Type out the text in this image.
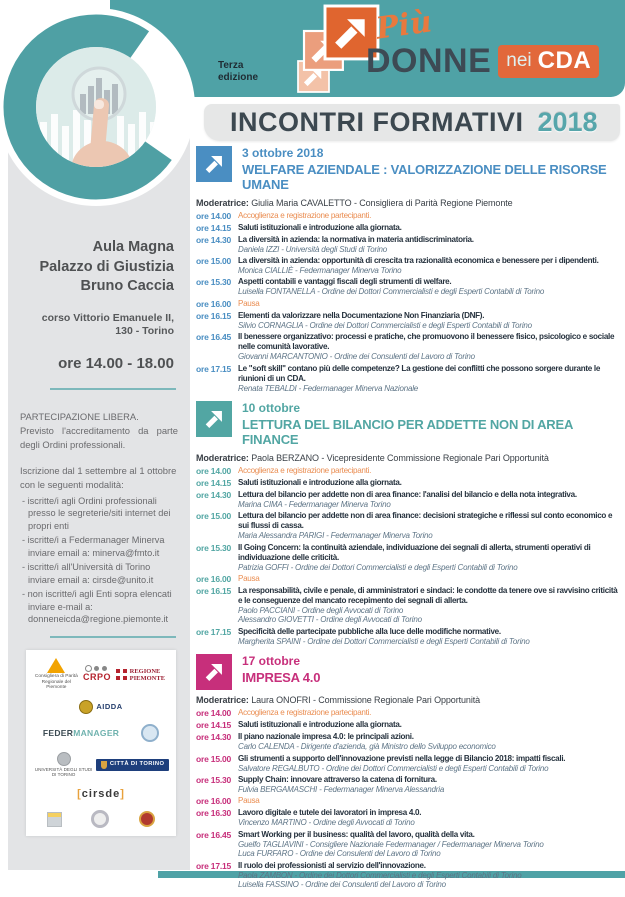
Terza edizione
Più
DONNE nei CDA
INCONTRI FORMATIVI 2018
Aula Magna
Palazzo di Giustizia
Bruno Caccia
corso Vittorio Emanuele II,
130 - Torino
ore 14.00 - 18.00
PARTECIPAZIONE LIBERA.
Previsto l'accreditamento da parte degli Ordini professionali.
Iscrizione dal 1 settembre al 1 ottobre con le seguenti modalità:
- iscritte/i agli Ordini professionali presso le segreterie/siti internet dei propri enti
- iscritte/i a Federmanager Minerva inviare email a: minerva@fmto.it
- iscritte/i all'Università di Torino inviare email a: cirsde@unito.it
- non iscritte/i agli Enti sopra elencati inviare e-mail a: donneneicda@regione.piemonte.it
Consigliera di Parità Regionale del Piemonte
CRPO
REGIONE PIEMONTE
AIDDA
FEDER MANAGER
UNIVERSITÀ DEGLI STUDI DI TORINO
CITTÀ DI TORINO
[ cirsde ]
3 ottobre 2018
WELFARE AZIENDALE : VALORIZZAZIONE DELLE RISORSE UMANE
Moderatrice: Giulia Maria CAVALETTO - Consigliera di Parità Regione Piemonte
ore 14.00 Accoglienza e registrazione partecipanti.
ore 14.15 Saluti istituzionali e introduzione alla giornata.
ore 14.30 La diversità in azienda: la normativa in materia antidiscriminatoria.
Daniela IZZI - Università degli Studi di Torino
ore 15.00 La diversità in azienda: opportunità di crescita tra razionalità economica e benessere per i dipendenti.
Monica CIALLIÈ - Federmanager Minerva Torino
ore 15.30 Aspetti contabili e vantaggi fiscali degli strumenti di welfare.
Luisella FONTANELLA - Ordine dei Dottori Commercialisti e degli Esperti Contabili di Torino
ore 16.00 Pausa
ore 16.15 Elementi da valorizzare nella Documentazione Non Finanziaria (DNF).
Silvio CORNAGLIA - Ordine dei Dottori Commercialisti e degli Esperti Contabili di Torino
ore 16.45 Il benessere organizzativo: processi e pratiche, che promuovono il benessere fisico, psicologico e sociale nelle comunità lavorative.
Giovanni MARCANTONIO - Ordine dei Consulenti del Lavoro di Torino
ore 17.15 Le "soft skill" contano più delle competenze? La gestione dei conflitti che possono sorgere durante le riunioni di un CDA.
Renata TEBALDI - Federmanager Minerva Nazionale
10 ottobre
LETTURA DEL BILANCIO PER ADDETTE NON DI AREA FINANCE
Moderatrice: Paola BERZANO - Vicepresidente Commissione Regionale Pari Opportunità
ore 14.00 Accoglienza e registrazione partecipanti.
ore 14.15 Saluti istituzionali e introduzione alla giornata.
ore 14.30 Lettura del bilancio per addette non di area finance: l'analisi del bilancio e della nota integrativa.
Marina CIMA - Federmanager Minerva Torino
ore 15.00 Lettura del bilancio per addette non di area finance: decisioni strategiche e riflessi sul conto economico e sui flussi di cassa.
Maria Alessandra PARIGI - Federmanager Minerva Torino
ore 15.30 Il Going Concern: la continuità aziendale, individuazione dei segnali di allerta, strumenti operativi di individuazione delle criticità.
Patrizia GOFFI - Ordine dei Dottori Commercialisti e degli Esperti Contabili di Torino
ore 16.00 Pausa
ore 16.15 La responsabilità, civile e penale, di amministratori e sindaci: le condotte da tenere ove si ravvisino criticità e le conseguenze del mancato recepimento dei segnali di allerta.
Paolo PACCIANI - Ordine degli Avvocati di Torino
Alessandro GIOVETTI - Ordine degli Avvocati di Torino
ore 17.15 Specificità delle partecipate pubbliche alla luce delle modifiche normative.
Margherita SPAINI - Ordine dei Dottori Commercialisti e degli Esperti Contabili di Torino
17 ottobre
IMPRESA 4.0
Moderatrice: Laura ONOFRI - Commissione Regionale Pari Opportunità
ore 14.00 Accoglienza e registrazione partecipanti.
ore 14.15 Saluti istituzionali e introduzione alla giornata.
ore 14.30 Il piano nazionale impresa 4.0: le principali azioni.
Carlo CALENDA - Dirigente d'azienda, già Ministro dello Sviluppo economico
ore 15.00 Gli strumenti a supporto dell'innovazione previsti nella legge di Bilancio 2018: impatti fiscali.
Salvatore REGALBUTO - Ordine dei Dottori Commercialisti e degli Esperti Contabili di Torino
ore 15.30 Supply Chain: innovare attraverso la catena di fornitura.
Fulvia BERGAMASCHI - Federmanager Minerva Alessandria
ore 16.00 Pausa
ore 16.30 Lavoro digitale e tutele dei lavoratori in impresa 4.0.
Vincenzo MARTINO - Ordine degli Avvocati di Torino
ore 16.45 Smart Working per il business: qualità del lavoro, qualità della vita.
Guelfo TAGLIAVINI - Consigliere Nazionale Federmanager / Federmanager Minerva Torino
Luca FURFARO - Ordine dei Consulenti del Lavoro di Torino
ore 17.15 Il ruolo dei professionisti al servizio dell'innovazione.
Paola ZAMBON - Ordine dei Dottori Commercialisti e degli Esperti Contabili di Torino
Luisella FASSINO - Ordine dei Consulenti del Lavoro di Torino
